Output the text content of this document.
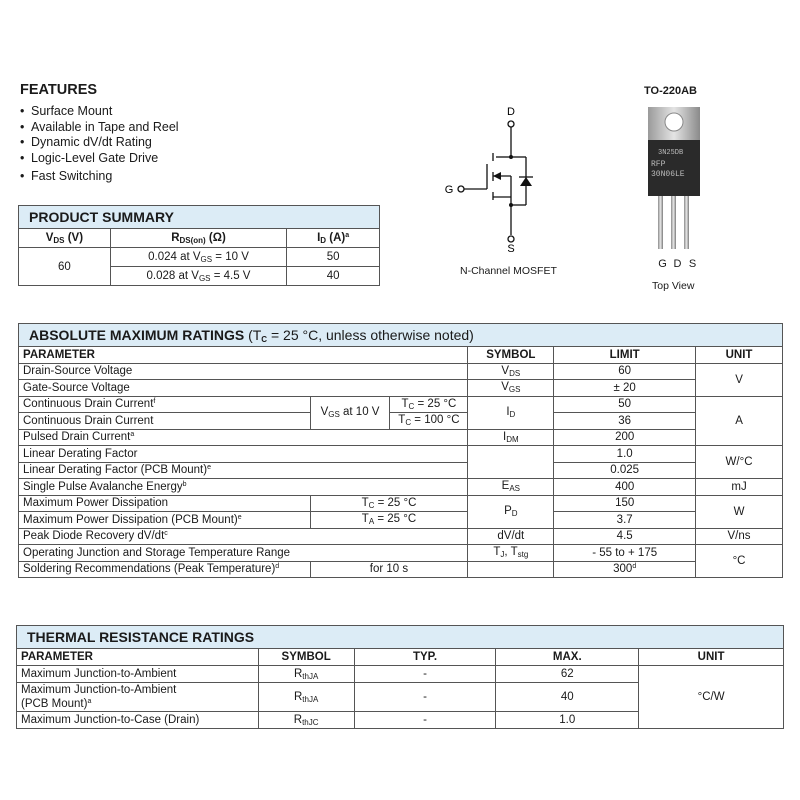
FEATURES
• Surface Mount
• Available in Tape and Reel
• Dynamic dV/dt Rating
• Logic-Level Gate Drive
• Fast Switching
D
G
S
N-Channel MOSFET
TO-220AB
3N25DB
RFP
30N06LE
G D S
Top View
PRODUCT SUMMARY		
$V_{DS}$ (V)	$R_{DS(on)}$ (Ω)	$I_D$ $(A)^a$
60	0.024 at $V_{GS} = 10$ V	50
	0.028 at $V_{GS} = 4.5$ V	40
ABSOLUTE MAXIMUM RATINGS ($T_C = 25$ °C, unless otherwise noted)					
PARAMETER			SYMBOL	LIMIT	UNIT
Drain-Source Voltage			$V_{DS}$	60	V
Gate-Source Voltage			$V_{GS}$	± 20	
Continuous Drain Current$^f$	$V_{GS}$ at 10 V	$T_C = 25$ °C	$I_D$	50	A
Continuous Drain Current		$T_C = 100$ °C		36	
Pulsed Drain Current$^a$			$I_{DM}$	200	
Linear Derating Factor				1.0	W/°C
Linear Derating Factor (PCB Mount)$^e$				0.025	
Single Pulse Avalanche Energy$^b$			$E_{AS}$	400	mJ
Maximum Power Dissipation	$T_C = 25$ °C		$P_D$	150	W
Maximum Power Dissipation (PCB Mount)$^e$	$T_A = 25$ °C			3.7	
Peak Diode Recovery $dV/dt^c$			dV/dt	4.5	V/ns
Operating Junction and Storage Temperature Range			$T_J$, $T_{stg}$	- 55 to + 175	°C
Soldering Recommendations (Peak Temperature)$^d$	for 10 s			300$^d$
THERMAL RESISTANCE RATINGS				
PARAMETER	SYMBOL	TYP.	MAX.	UNIT
Maximum Junction-to-Ambient	$R_{thJA}$	-	62	°C/W
Maximum Junction-to-Ambient
(PCB Mount)$^a$	$R_{thJA}$	-	40	
Maximum Junction-to-Case (Drain)	$R_{thJC}$	-	1.0	
